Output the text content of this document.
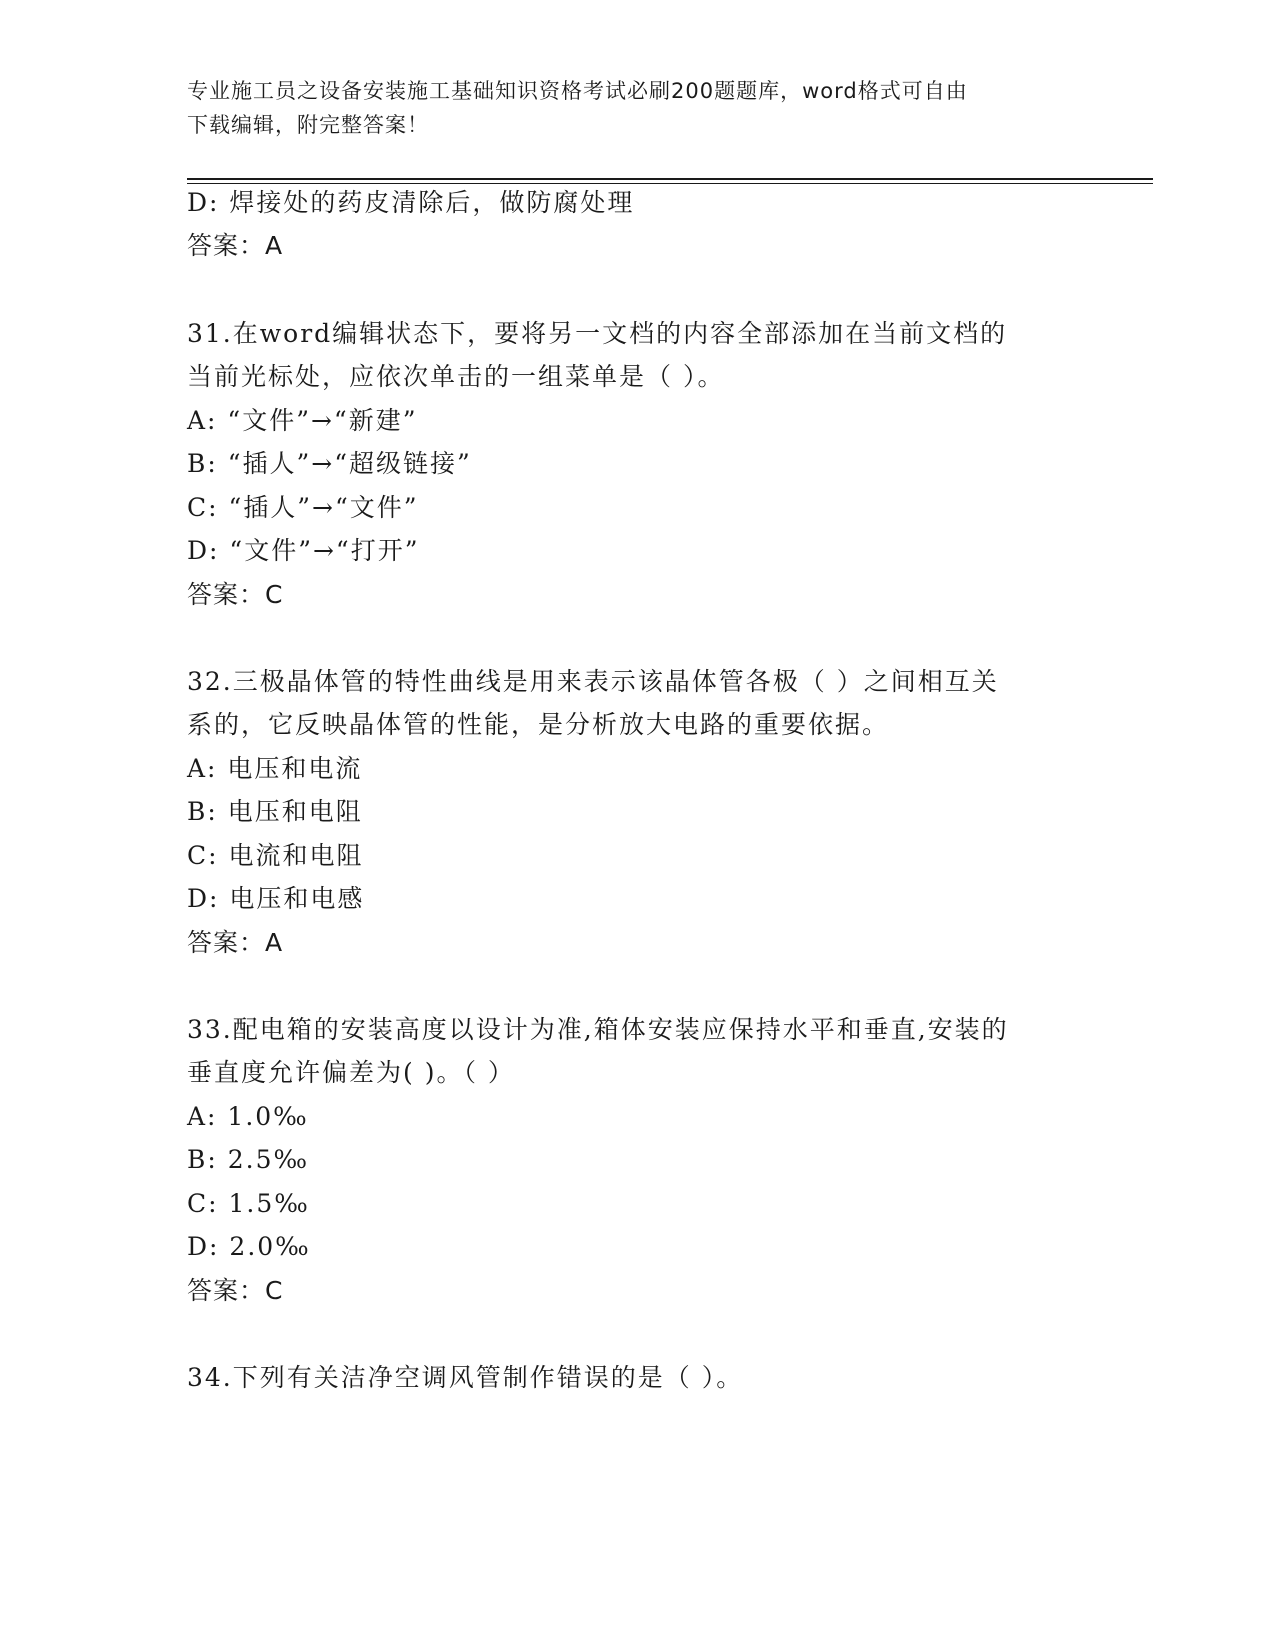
专业施工员之设备安装施工基础知识资格考试必刷200题题库，word格式可自由
下载编辑，附完整答案！
D: 焊接处的药皮清除后，做防腐处理
答案：A
31.在word编辑状态下，要将另一文档的内容全部添加在当前文档的
当前光标处，应依次单击的一组菜单是（ ）。
A: “文件”→“新建”
B: “插人”→“超级链接”
C: “插人”→“文件”
D: “文件”→“打开”
答案：C
32.三极晶体管的特性曲线是用来表示该晶体管各极（ ）之间相互关
系的，它反映晶体管的性能，是分析放大电路的重要依据。
A: 电压和电流
B: 电压和电阻
C: 电流和电阻
D: 电压和电感
答案：A
33.配电箱的安装高度以设计为准,箱体安装应保持水平和垂直,安装的
垂直度允许偏差为( )。（ ）
A: 1.0‰
B: 2.5‰
C: 1.5‰
D: 2.0‰
答案：C
34.下列有关洁净空调风管制作错误的是（ ）。
